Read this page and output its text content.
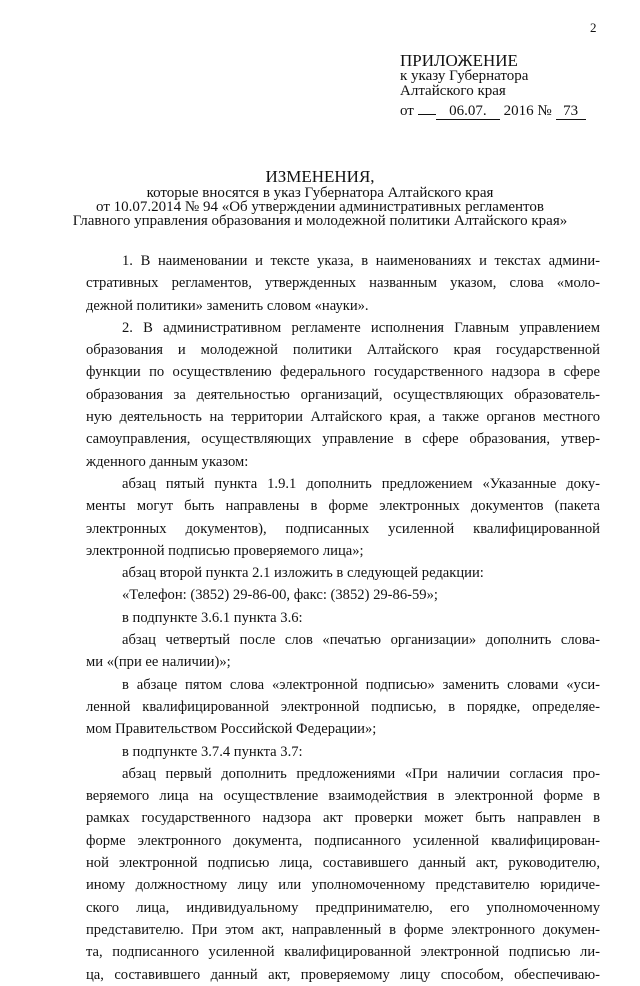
2
ПРИЛОЖЕНИЕ
к указу Губернатора
Алтайского края
от 06.07. 2016 № 73
ИЗМЕНЕНИЯ,
которые вносятся в указ Губернатора Алтайского края
от 10.07.2014 № 94 «Об утверждении административных регламентов
Главного управления образования и молодежной политики Алтайского края»
1. В наименовании и тексте указа, в наименованиях и текстах админи-
стративных регламентов, утвержденных названным указом, слова «моло-
дежной политики» заменить словом «науки».
2. В административном регламенте исполнения Главным управлением
образования и молодежной политики Алтайского края государственной
функции по осуществлению федерального государственного надзора в сфере
образования за деятельностью организаций, осуществляющих образователь-
ную деятельность на территории Алтайского края, а также органов местного
самоуправления, осуществляющих управление в сфере образования, утвер-
жденного данным указом:
абзац пятый пункта 1.9.1 дополнить предложением «Указанные доку-
менты могут быть направлены в форме электронных документов (пакета
электронных документов), подписанных усиленной квалифицированной
электронной подписью проверяемого лица»;
абзац второй пункта 2.1 изложить в следующей редакции:
«Телефон: (3852) 29-86-00, факс: (3852) 29-86-59»;
в подпункте 3.6.1 пункта 3.6:
абзац четвертый после слов «печатью организации» дополнить слова-
ми «(при ее наличии)»;
в абзаце пятом слова «электронной подписью» заменить словами «уси-
ленной квалифицированной электронной подписью, в порядке, определяе-
мом Правительством Российской Федерации»;
в подпункте 3.7.4 пункта 3.7:
абзац первый дополнить предложениями «При наличии согласия про-
веряемого лица на осуществление взаимодействия в электронной форме в
рамках государственного надзора акт проверки может быть направлен в
форме электронного документа, подписанного усиленной квалифицирован-
ной электронной подписью лица, составившего данный акт, руководителю,
иному должностному лицу или уполномоченному представителю юридиче-
ского лица, индивидуальному предпринимателю, его уполномоченному
представителю. При этом акт, направленный в форме электронного докумен-
та, подписанного усиленной квалифицированной электронной подписью ли-
ца, составившего данный акт, проверяемому лицу способом, обеспечиваю-
